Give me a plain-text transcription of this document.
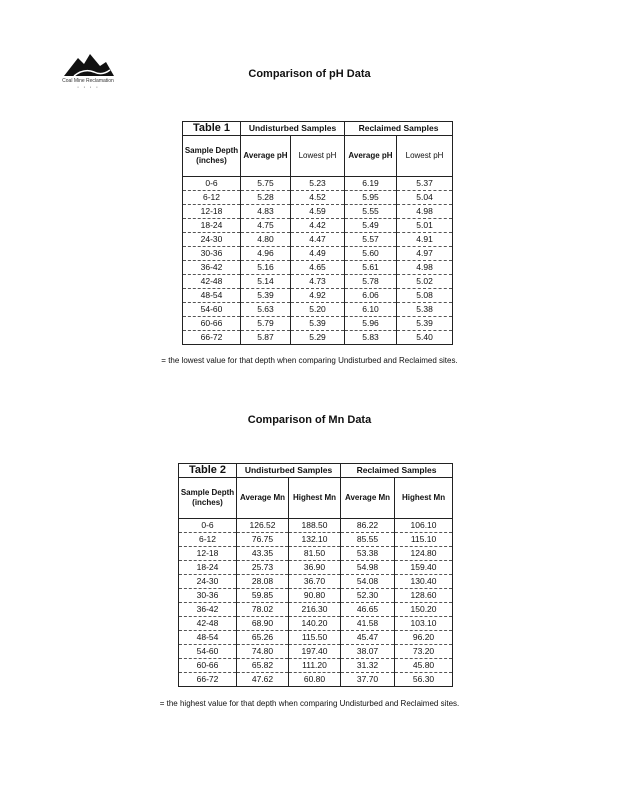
Coal Mine Reclamation
· · · ·
Comparison of pH Data
Table 1	Undisturbed Samples		Reclaimed Samples	
Sample Depth (inches)	Average pH	Lowest pH	Average pH	Lowest pH
0-6	5.75	5.23	6.19	5.37
6-12	5.28	4.52	5.95	5.04
12-18	4.83	4.59	5.55	4.98
18-24	4.75	4.42	5.49	5.01
24-30	4.80	4.47	5.57	4.91
30-36	4.96	4.49	5.60	4.97
36-42	5.16	4.65	5.61	4.98
42-48	5.14	4.73	5.78	5.02
48-54	5.39	4.92	6.06	5.08
54-60	5.63	5.20	6.10	5.38
60-66	5.79	5.39	5.96	5.39
66-72	5.87	5.29	5.83	5.40
= the lowest value for that depth when comparing Undisturbed and Reclaimed sites.
Comparison of Mn Data
Table 2	Undisturbed Samples		Reclaimed Samples	
Sample Depth (inches)	Average Mn	Highest Mn	Average Mn	Highest Mn
0-6	126.52	188.50	86.22	106.10
6-12	76.75	132.10	85.55	115.10
12-18	43.35	81.50	53.38	124.80
18-24	25.73	36.90	54.98	159.40
24-30	28.08	36.70	54.08	130.40
30-36	59.85	90.80	52.30	128.60
36-42	78.02	216.30	46.65	150.20
42-48	68.90	140.20	41.58	103.10
48-54	65.26	115.50	45.47	96.20
54-60	74.80	197.40	38.07	73.20
60-66	65.82	111.20	31.32	45.80
66-72	47.62	60.80	37.70	56.30
= the highest value for that depth when comparing Undisturbed and Reclaimed sites.
